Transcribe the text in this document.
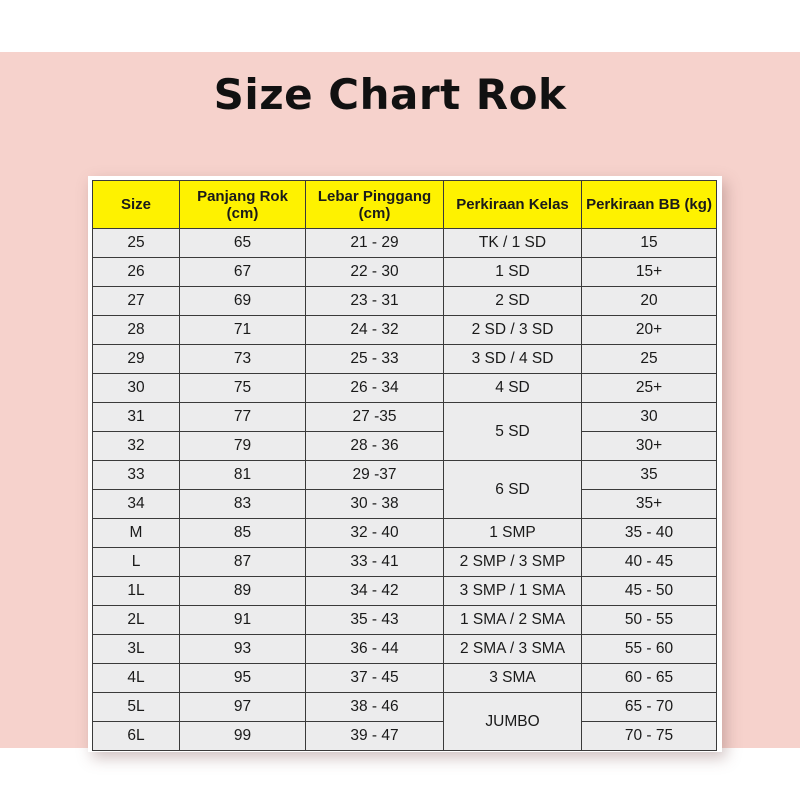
Size Chart Rok
Size	Panjang Rok (cm)	Lebar Pinggang (cm)	Perkiraan Kelas	Perkiraan BB (kg)
25	65	21 - 29	TK / 1 SD	15
26	67	22 - 30	1 SD	15+
27	69	23 - 31	2 SD	20
28	71	24 - 32	2 SD / 3 SD	20+
29	73	25 - 33	3 SD / 4 SD	25
30	75	26 - 34	4 SD	25+
31	77	27 -35	5 SD	30
32	79	28 - 36		30+
33	81	29 -37	6 SD	35
34	83	30 - 38		35+
M	85	32 - 40	1 SMP	35 - 40
L	87	33 - 41	2 SMP / 3 SMP	40 - 45
1L	89	34 - 42	3 SMP / 1 SMA	45 - 50
2L	91	35 - 43	1 SMA / 2 SMA	50 - 55
3L	93	36 - 44	2 SMA / 3 SMA	55 - 60
4L	95	37 - 45	3 SMA	60 - 65
5L	97	38 - 46	JUMBO	65 - 70
6L	99	39 - 47		70 - 75
